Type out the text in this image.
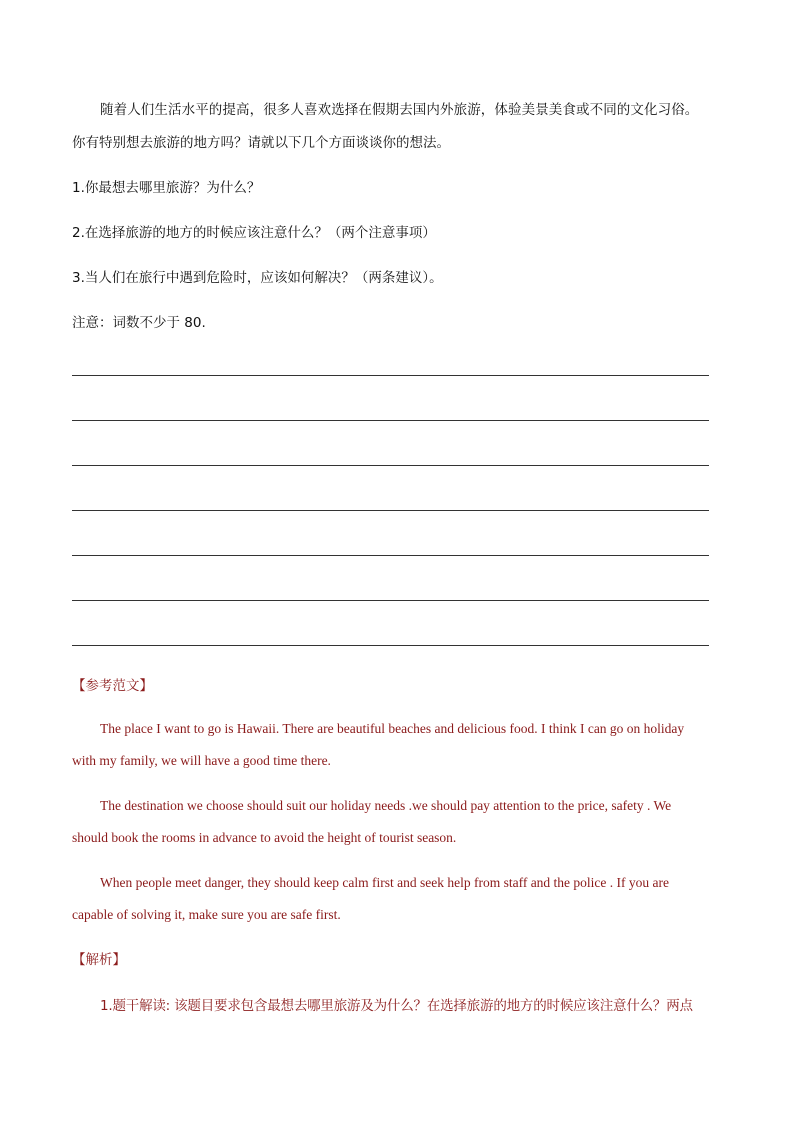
随着人们生活水平的提高，很多人喜欢选择在假期去国内外旅游，体验美景美食或不同的文化习俗。
你有特别想去旅游的地方吗？请就以下几个方面谈谈你的想法。
1.你最想去哪里旅游？为什么？
2.在选择旅游的地方的时候应该注意什么？（两个注意事项）
3.当人们在旅行中遇到危险时，应该如何解决？（两条建议）。
注意：词数不少于 80.
【参考范文】
The place I want to go is Hawaii. There are beautiful beaches and delicious food. I think I can go on holiday
with my family, we will have a good time there.
The destination we choose should suit our holiday needs .we should pay attention to the price, safety . We
should book the rooms in advance to avoid the height of tourist season.
When people meet danger, they should keep calm first and seek help from staff and the police . If you are
capable of solving it, make sure you are safe first.
【解析】
1.题干解读: 该题目要求包含最想去哪里旅游及为什么？在选择旅游的地方的时候应该注意什么？两点
